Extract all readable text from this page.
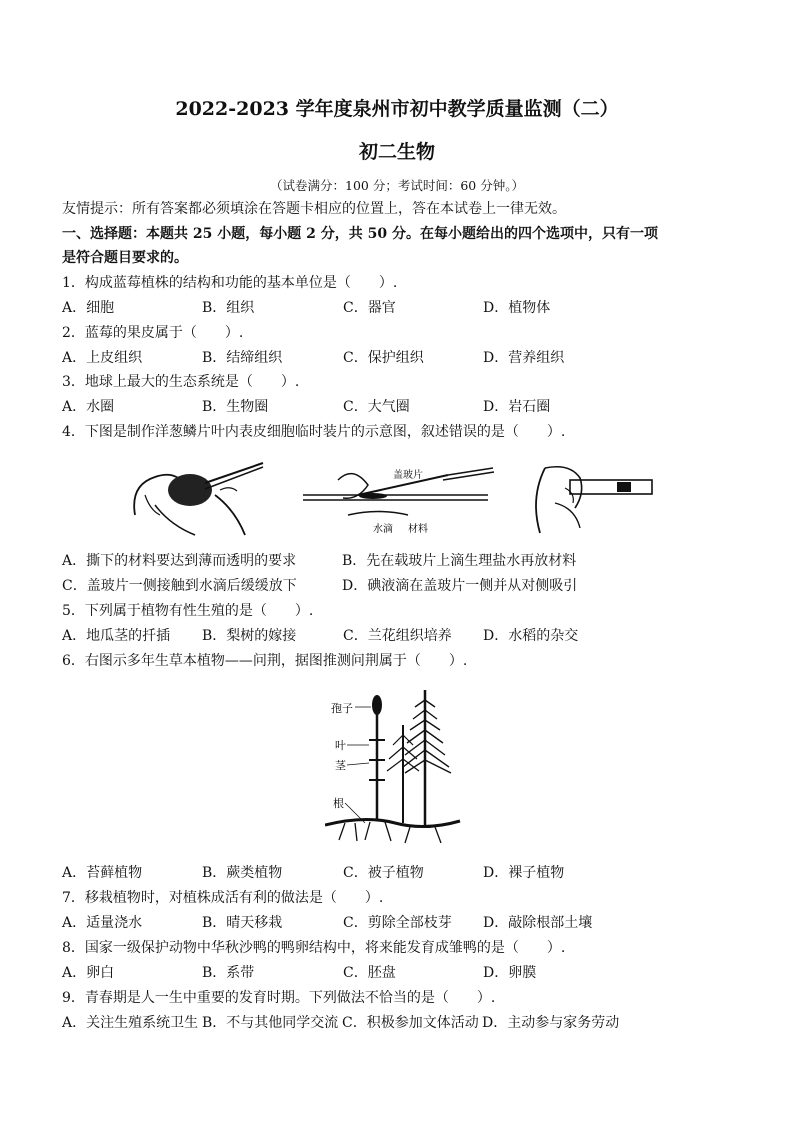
2022-2023 学年度泉州市初中教学质量监测（二）
初二生物
（试卷满分：100 分；考试时间：60 分钟。）
友情提示：所有答案都必须填涂在答题卡相应的位置上，答在本试卷上一律无效。
一、选择题：本题共 25 小题，每小题 2 分，共 50 分。在每小题给出的四个选项中，只有一项
是符合题目要求的。
1．构成蓝莓植株的结构和功能的基本单位是（　　）.
A．细胞	B．组织	C．器官	D．植物体
2．蓝莓的果皮属于（　　）.
A．上皮组织	B．结缔组织	C．保护组织	D．营养组织
3．地球上最大的生态系统是（　　）.
A．水圈	B．生物圈	C．大气圈	D．岩石圈
4．下图是制作洋葱鳞片叶内表皮细胞临时装片的示意图，叙述错误的是（　　）.
盖玻片
水滴 材料
A．撕下的材料要达到薄而透明的要求	B．先在载玻片上滴生理盐水再放材料
C．盖玻片一侧接触到水滴后缓缓放下	D．碘液滴在盖玻片一侧并从对侧吸引
5．下列属于植物有性生殖的是（　　）.
A．地瓜茎的扦插 B．梨树的嫁接	C．兰花组织培养 D．水稻的杂交
6．右图示多年生草本植物——问荆，据图推测问荆属于（　　）.
孢子
叶
茎
根
A．苔藓植物	B．蕨类植物	C．被子植物	D．裸子植物
7．移栽植物时，对植株成活有利的做法是（　　）.
A．适量浇水	B．晴天移栽	C．剪除全部枝芽 D．敲除根部土壤
8．国家一级保护动物中华秋沙鸭的鸭卵结构中，将来能发育成雏鸭的是（　　）.
A．卵白	B．系带	C．胚盘	D．卵膜
9．青春期是人一生中重要的发育时期。下列做法不恰当的是（　　）.
A．关注生殖系统卫生 B．不与其他同学交流 C．积极参加文体活动 D．主动参与家务劳动
